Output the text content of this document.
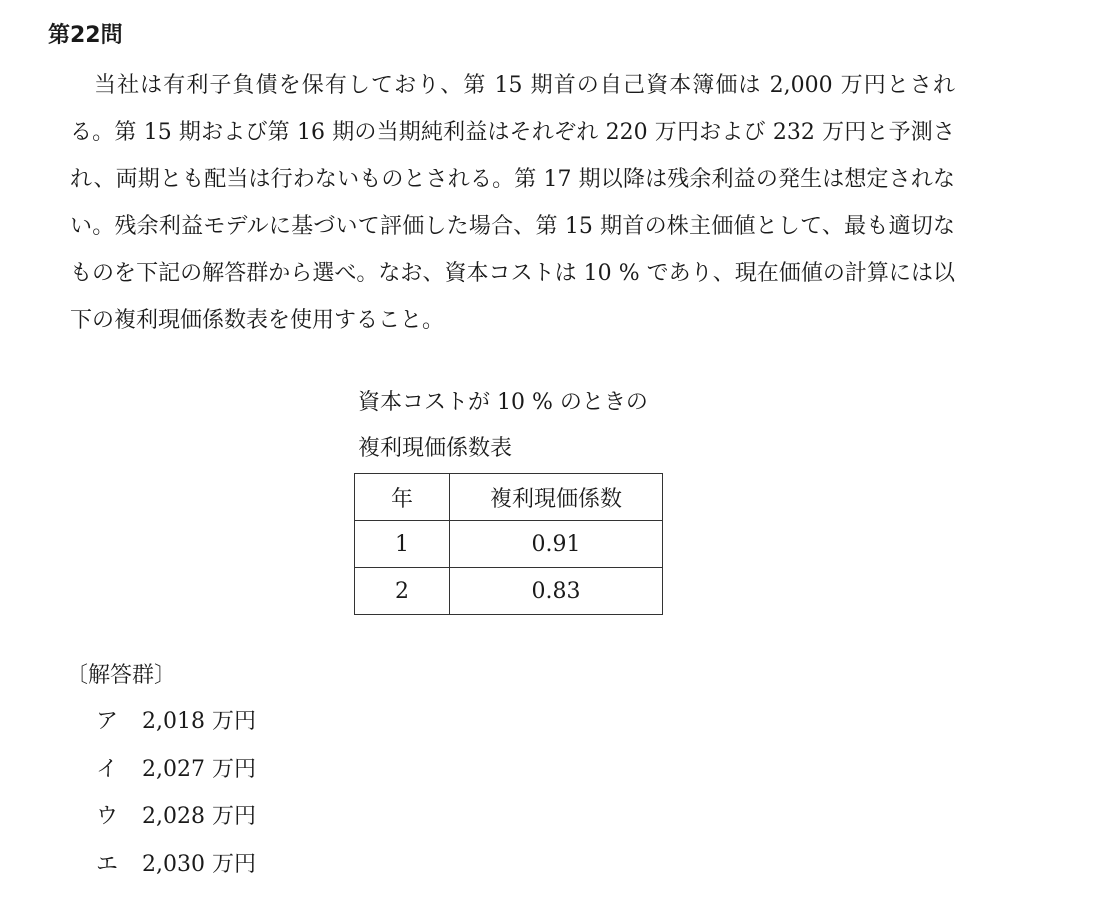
第22問

当社は有利子負債を保有しており、第 15 期首の自己資本簿価は 2,000 万円とされる。第 15 期および第 16 期の当期純利益はそれぞれ 220 万円および 232 万円と予測され、両期とも配当は行わないものとされる。第 17 期以降は残余利益の発生は想定されない。残余利益モデルに基づいて評価した場合、第 15 期首の株主価値として、最も適切なものを下記の解答群から選べ。なお、資本コストは 10 % であり、現在価値の計算には以下の複利現価係数表を使用すること。

資本コストが 10 % のときの
複利現価係数表
年	複利現価係数
1	0.91
2	0.83
〔解答群〕
ア	2,018 万円
イ	2,027 万円
ウ	2,028 万円
エ	2,030 万円
